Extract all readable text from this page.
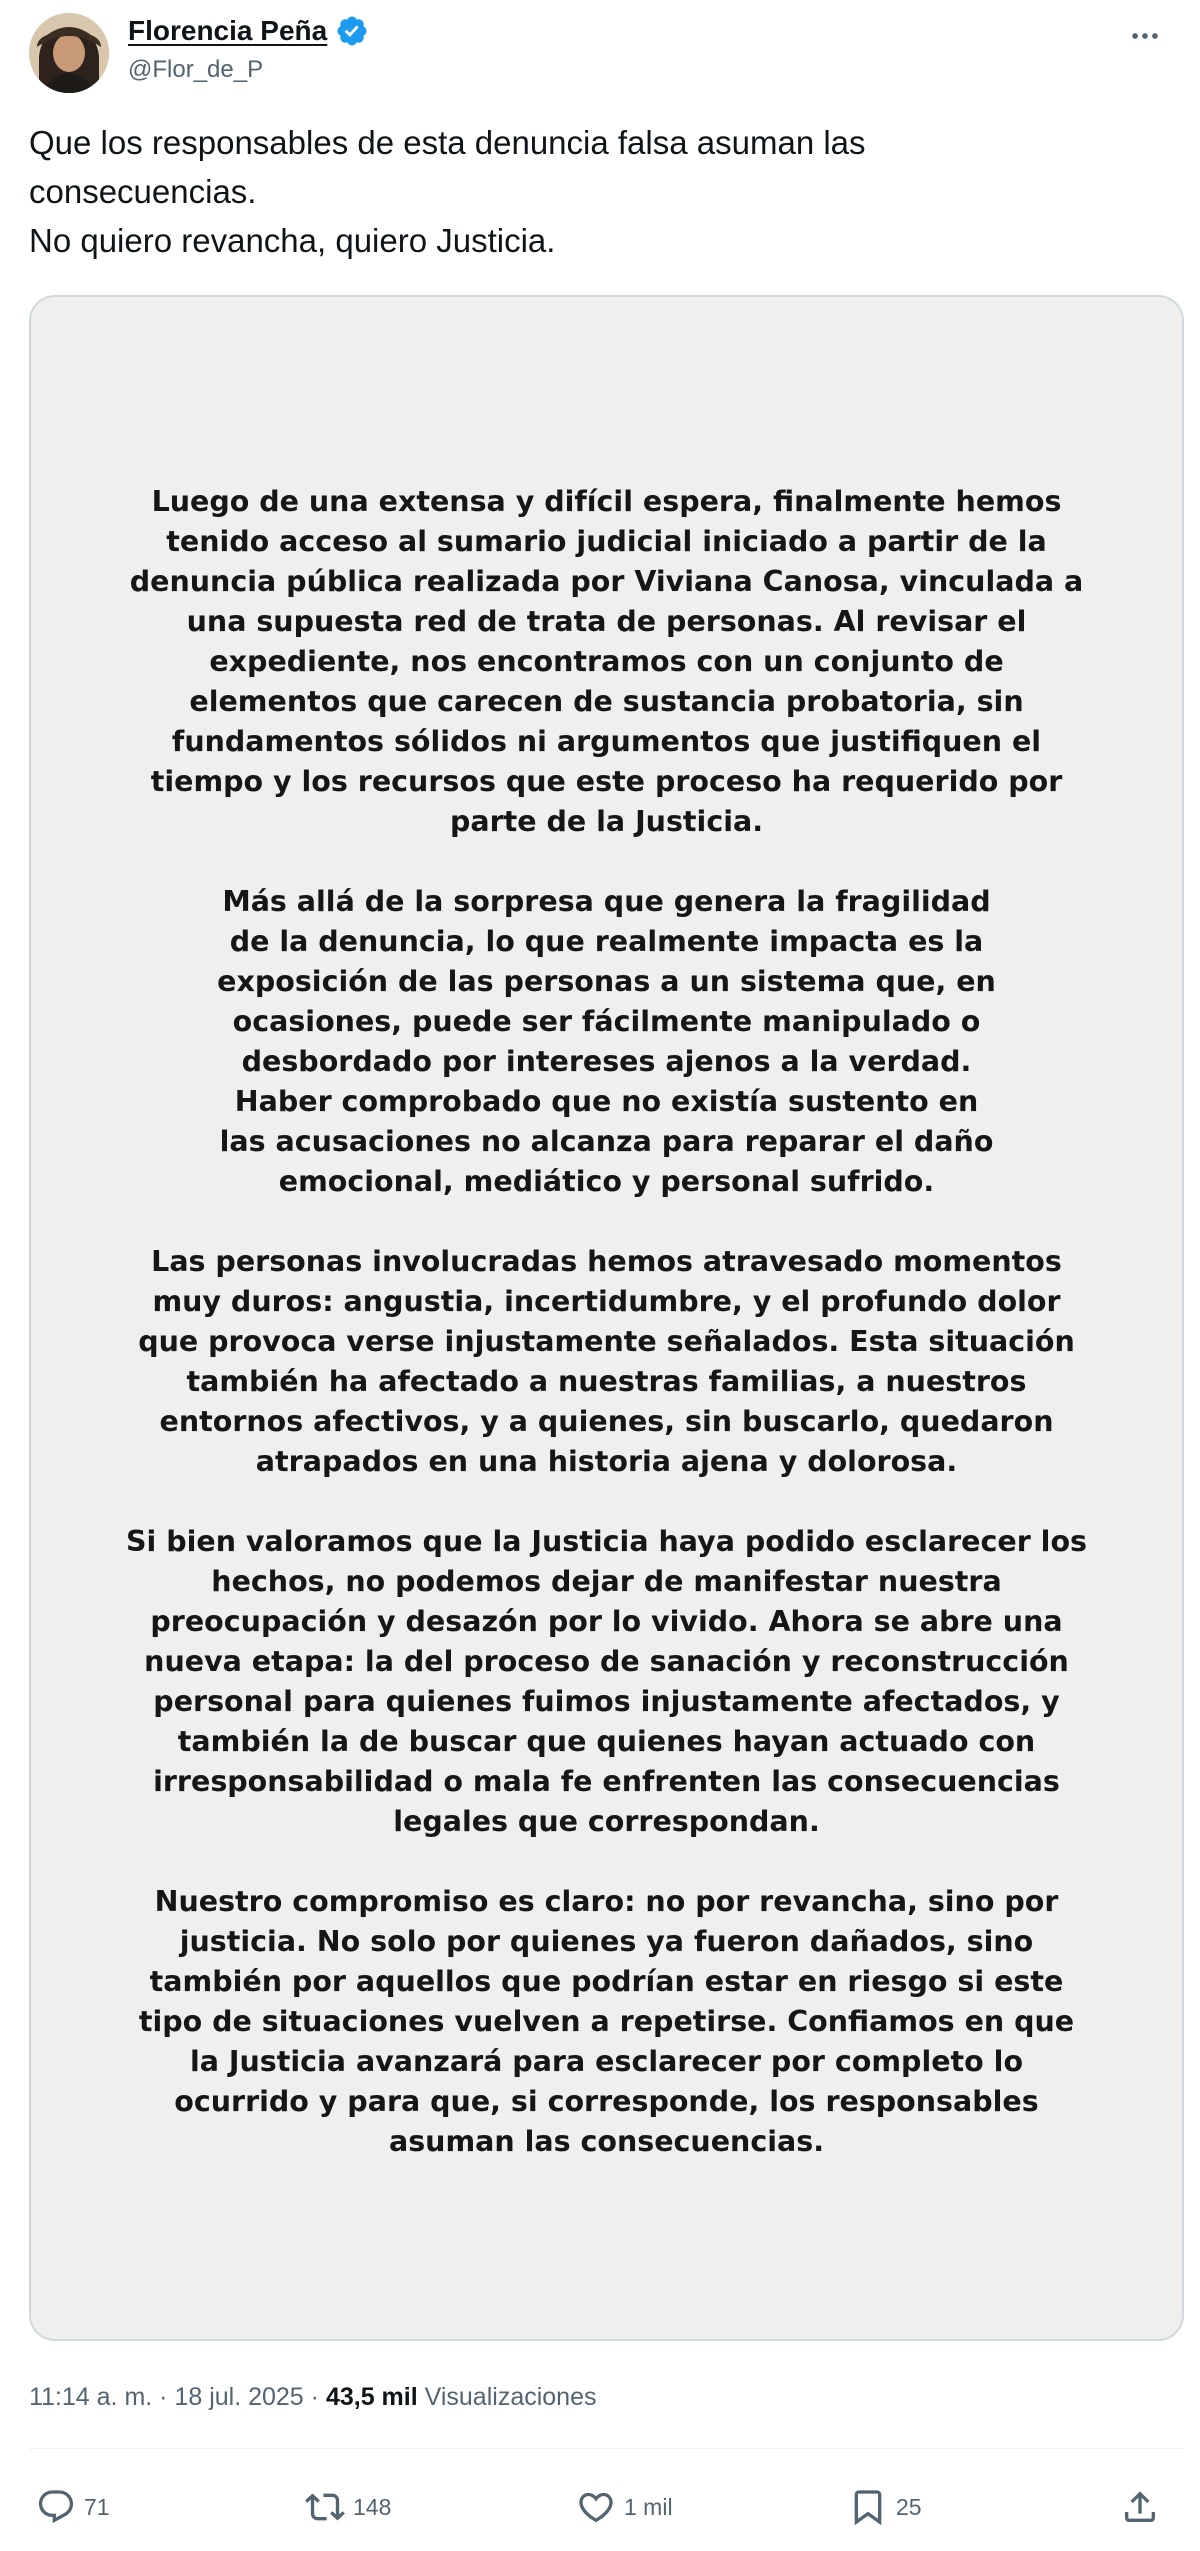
Florencia Peña
@Flor_de_P
Que los responsables de esta denuncia falsa asuman las
consecuencias.
No quiero revancha, quiero Justicia.
Luego de una extensa y difícil espera, finalmente hemos
tenido acceso al sumario judicial iniciado a partir de la
denuncia pública realizada por Viviana Canosa, vinculada a
una supuesta red de trata de personas. Al revisar el
expediente, nos encontramos con un conjunto de
elementos que carecen de sustancia probatoria, sin
fundamentos sólidos ni argumentos que justifiquen el
tiempo y los recursos que este proceso ha requerido por
parte de la Justicia.
Más allá de la sorpresa que genera la fragilidad
de la denuncia, lo que realmente impacta es la
exposición de las personas a un sistema que, en
ocasiones, puede ser fácilmente manipulado o
desbordado por intereses ajenos a la verdad.
Haber comprobado que no existía sustento en
las acusaciones no alcanza para reparar el daño
emocional, mediático y personal sufrido.
Las personas involucradas hemos atravesado momentos
muy duros: angustia, incertidumbre, y el profundo dolor
que provoca verse injustamente señalados. Esta situación
también ha afectado a nuestras familias, a nuestros
entornos afectivos, y a quienes, sin buscarlo, quedaron
atrapados en una historia ajena y dolorosa.
Si bien valoramos que la Justicia haya podido esclarecer los
hechos, no podemos dejar de manifestar nuestra
preocupación y desazón por lo vivido. Ahora se abre una
nueva etapa: la del proceso de sanación y reconstrucción
personal para quienes fuimos injustamente afectados, y
también la de buscar que quienes hayan actuado con
irresponsabilidad o mala fe enfrenten las consecuencias
legales que correspondan.
Nuestro compromiso es claro: no por revancha, sino por
justicia. No solo por quienes ya fueron dañados, sino
también por aquellos que podrían estar en riesgo si este
tipo de situaciones vuelven a repetirse. Confiamos en que
la Justicia avanzará para esclarecer por completo lo
ocurrido y para que, si corresponde, los responsables
asuman las consecuencias.
11:14 a. m. · 18 jul. 2025 · 43,5 mil Visualizaciones
71	148	1 mil	25
